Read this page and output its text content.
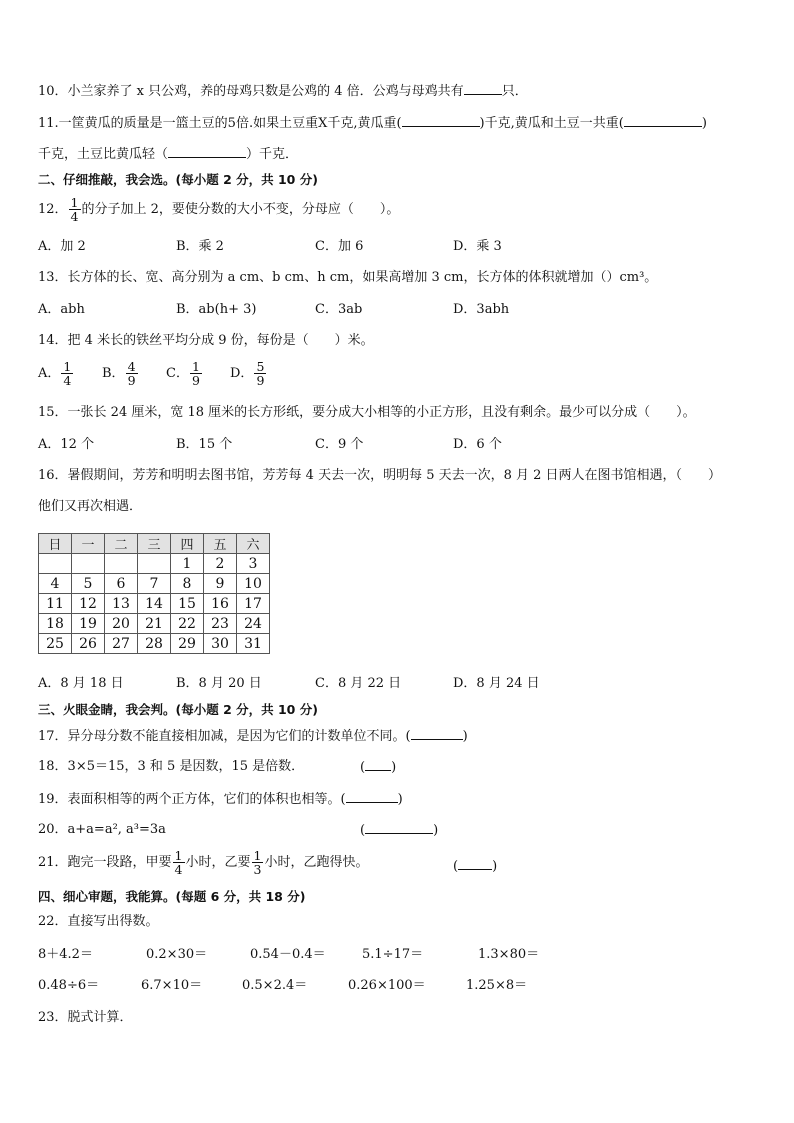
10．小兰家养了 x 只公鸡，养的母鸡只数是公鸡的 4 倍．公鸡与母鸡共有	只．
11.一筐黄瓜的质量是一篮土豆的5倍.如果土豆重X千克,黄瓜重(	)千克,黄瓜和土豆一共重(	)
千克，土豆比黄瓜轻（	）千克．
二、仔细推敲，我会选。(每小题 2 分，共 10 分)
12． $\frac{1}{4}$ 的分子加上 2，要使分数的大小不变，分母应（　　）。
A．加 2	B．乘 2	C．加 6	D．乘 3
13．长方体的长、宽、高分别为 a cm、b cm、h cm，如果高增加 3 cm，长方体的体积就增加（）cm³。
A．abh	B．ab(h+ 3)	C．3ab	D．3abh
14．把 4 米长的铁丝平均分成 9 份，每份是（　　）米。
A． $\frac{1}{4}$ B． $\frac{4}{9}$ C． $\frac{1}{9}$ D． $\frac{5}{9}$
15．一张长 24 厘米，宽 18 厘米的长方形纸，要分成大小相等的小正方形，且没有剩余。最少可以分成（　　）。
A．12 个	B．15 个	C．9 个	D．6 个
16．暑假期间，芳芳和明明去图书馆，芳芳每 4 天去一次，明明每 5 天去一次，8 月 2 日两人在图书馆相遇，（　　）
他们又再次相遇．
日	一	二	三	四	五	六
				1	2	3
4	5	6	7	8	9	10
11	12	13	14	15	16	17
18	19	20	21	22	23	24
25	26	27	28	29	30	31
A．8 月 18 日	B．8 月 20 日	C．8 月 22 日	D．8 月 24 日
三、火眼金睛，我会判。(每小题 2 分，共 10 分)
17．异分母分数不能直接相加减，是因为它们的计数单位不同。(	)
18．3×5＝15，3 和 5 是因数，15 是倍数．	( )
19．表面积相等的两个正方体，它们的体积也相等。(	)
20．a+a=a², a³=3a	(	)
21．跑完一段路，甲要 $\frac{1}{4}$ 小时，乙要 $\frac{1}{3}$ 小时，乙跑得快。	(	)
四、细心审题，我能算。(每题 6 分，共 18 分)
22．直接写出得数。
8＋4.2＝	0.2×30＝	0.54－0.4＝	5.1÷17＝	1.3×80＝
0.48÷6＝	6.7×10＝	0.5×2.4＝	0.26×100＝	1.25×8＝
23．脱式计算．
